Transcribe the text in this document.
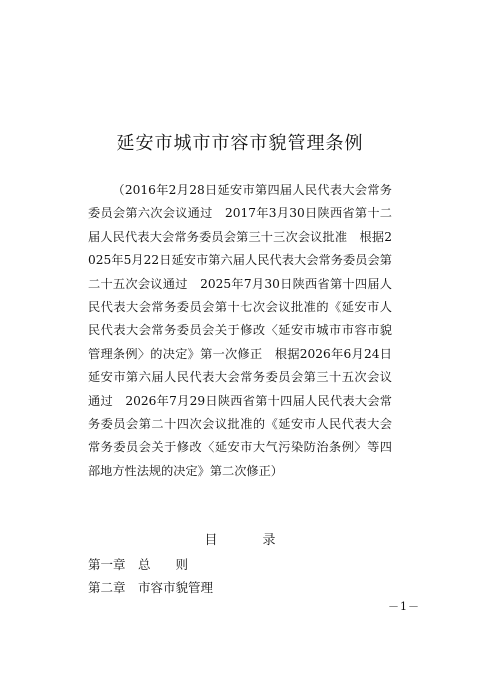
延安市城市市容市貌管理条例

（2016年2月28日延安市第四届人民代表大会常务委员会第六次会议通过　2017年3月30日陕西省第十二届人民代表大会常务委员会第三十三次会议批准　根据2025年5月22日延安市第六届人民代表大会常务委员会第二十五次会议通过　2025年7月30日陕西省第十四届人民代表大会常务委员会第十七次会议批准的《延安市人民代表大会常务委员会关于修改〈延安市城市市容市貌管理条例〉的决定》第一次修正　根据2026年6月24日延安市第六届人民代表大会常务委员会第三十五次会议通过　2026年7月29日陕西省第十四届人民代表大会常务委员会第二十四次会议批准的《延安市人民代表大会常务委员会关于修改〈延安市大气污染防治条例〉等四部地方性法规的决定》第二次修正）

目　录
第一章　总　　则
第二章　市容市貌管理
－1－
